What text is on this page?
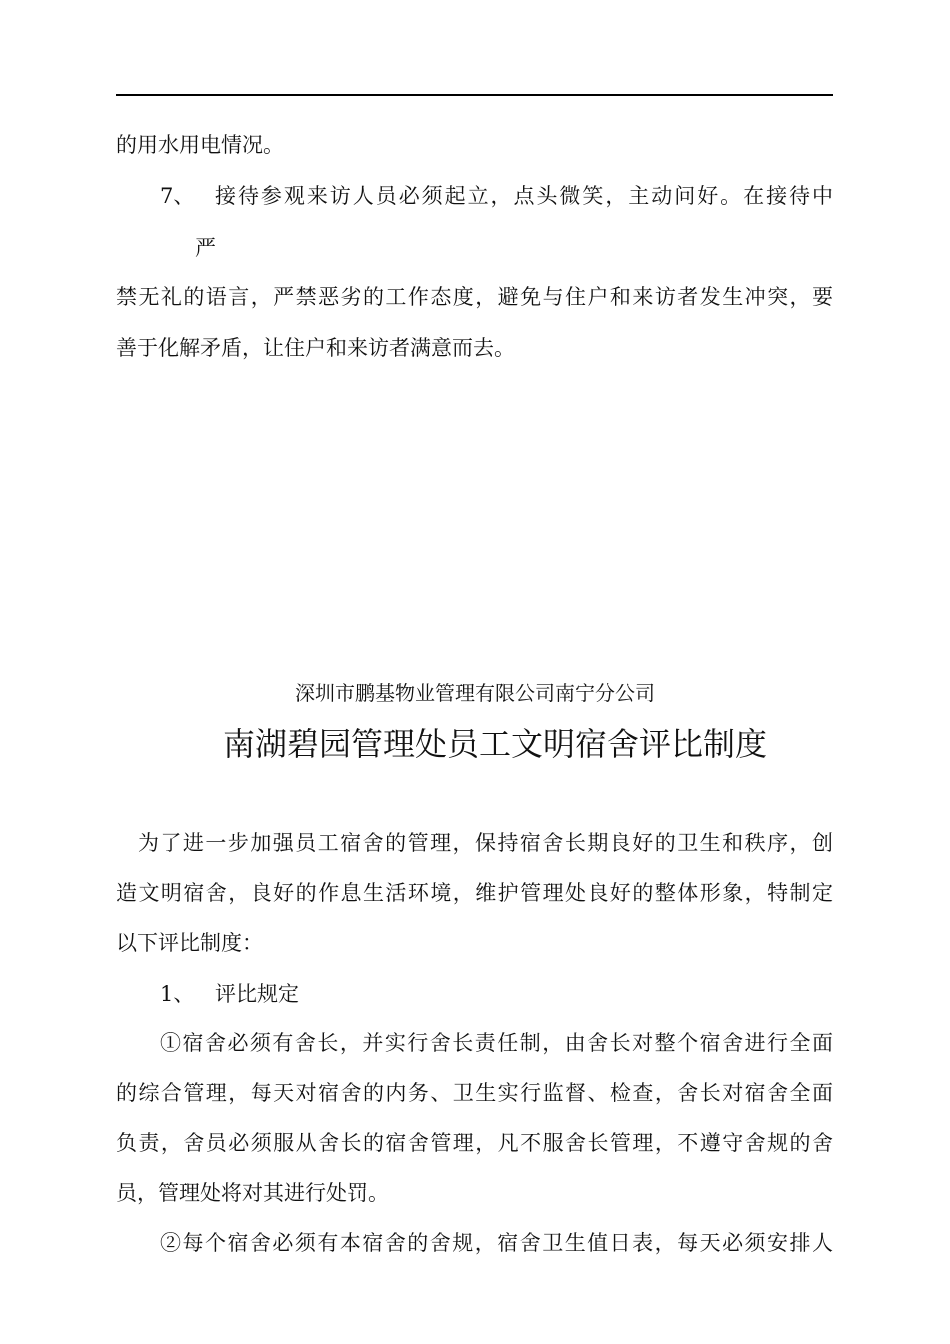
的用水用电情况。
7、 接待参观来访人员必须起立，点头微笑，主动问好。在接待中
严
禁无礼的语言，严禁恶劣的工作态度，避免与住户和来访者发生冲突，要
善于化解矛盾，让住户和来访者满意而去。
深圳市鹏基物业管理有限公司南宁分公司
南湖碧园管理处员工文明宿舍评比制度
为了进一步加强员工宿舍的管理，保持宿舍长期良好的卫生和秩序，创
造文明宿舍，良好的作息生活环境，维护管理处良好的整体形象，特制定
以下评比制度：
1、 评比规定
①宿舍必须有舍长，并实行舍长责任制，由舍长对整个宿舍进行全面
的综合管理，每天对宿舍的内务、卫生实行监督、检查，舍长对宿舍全面
负责，舍员必须服从舍长的宿舍管理，凡不服舍长管理，不遵守舍规的舍
员，管理处将对其进行处罚。
②每个宿舍必须有本宿舍的舍规，宿舍卫生值日表，每天必须安排人
